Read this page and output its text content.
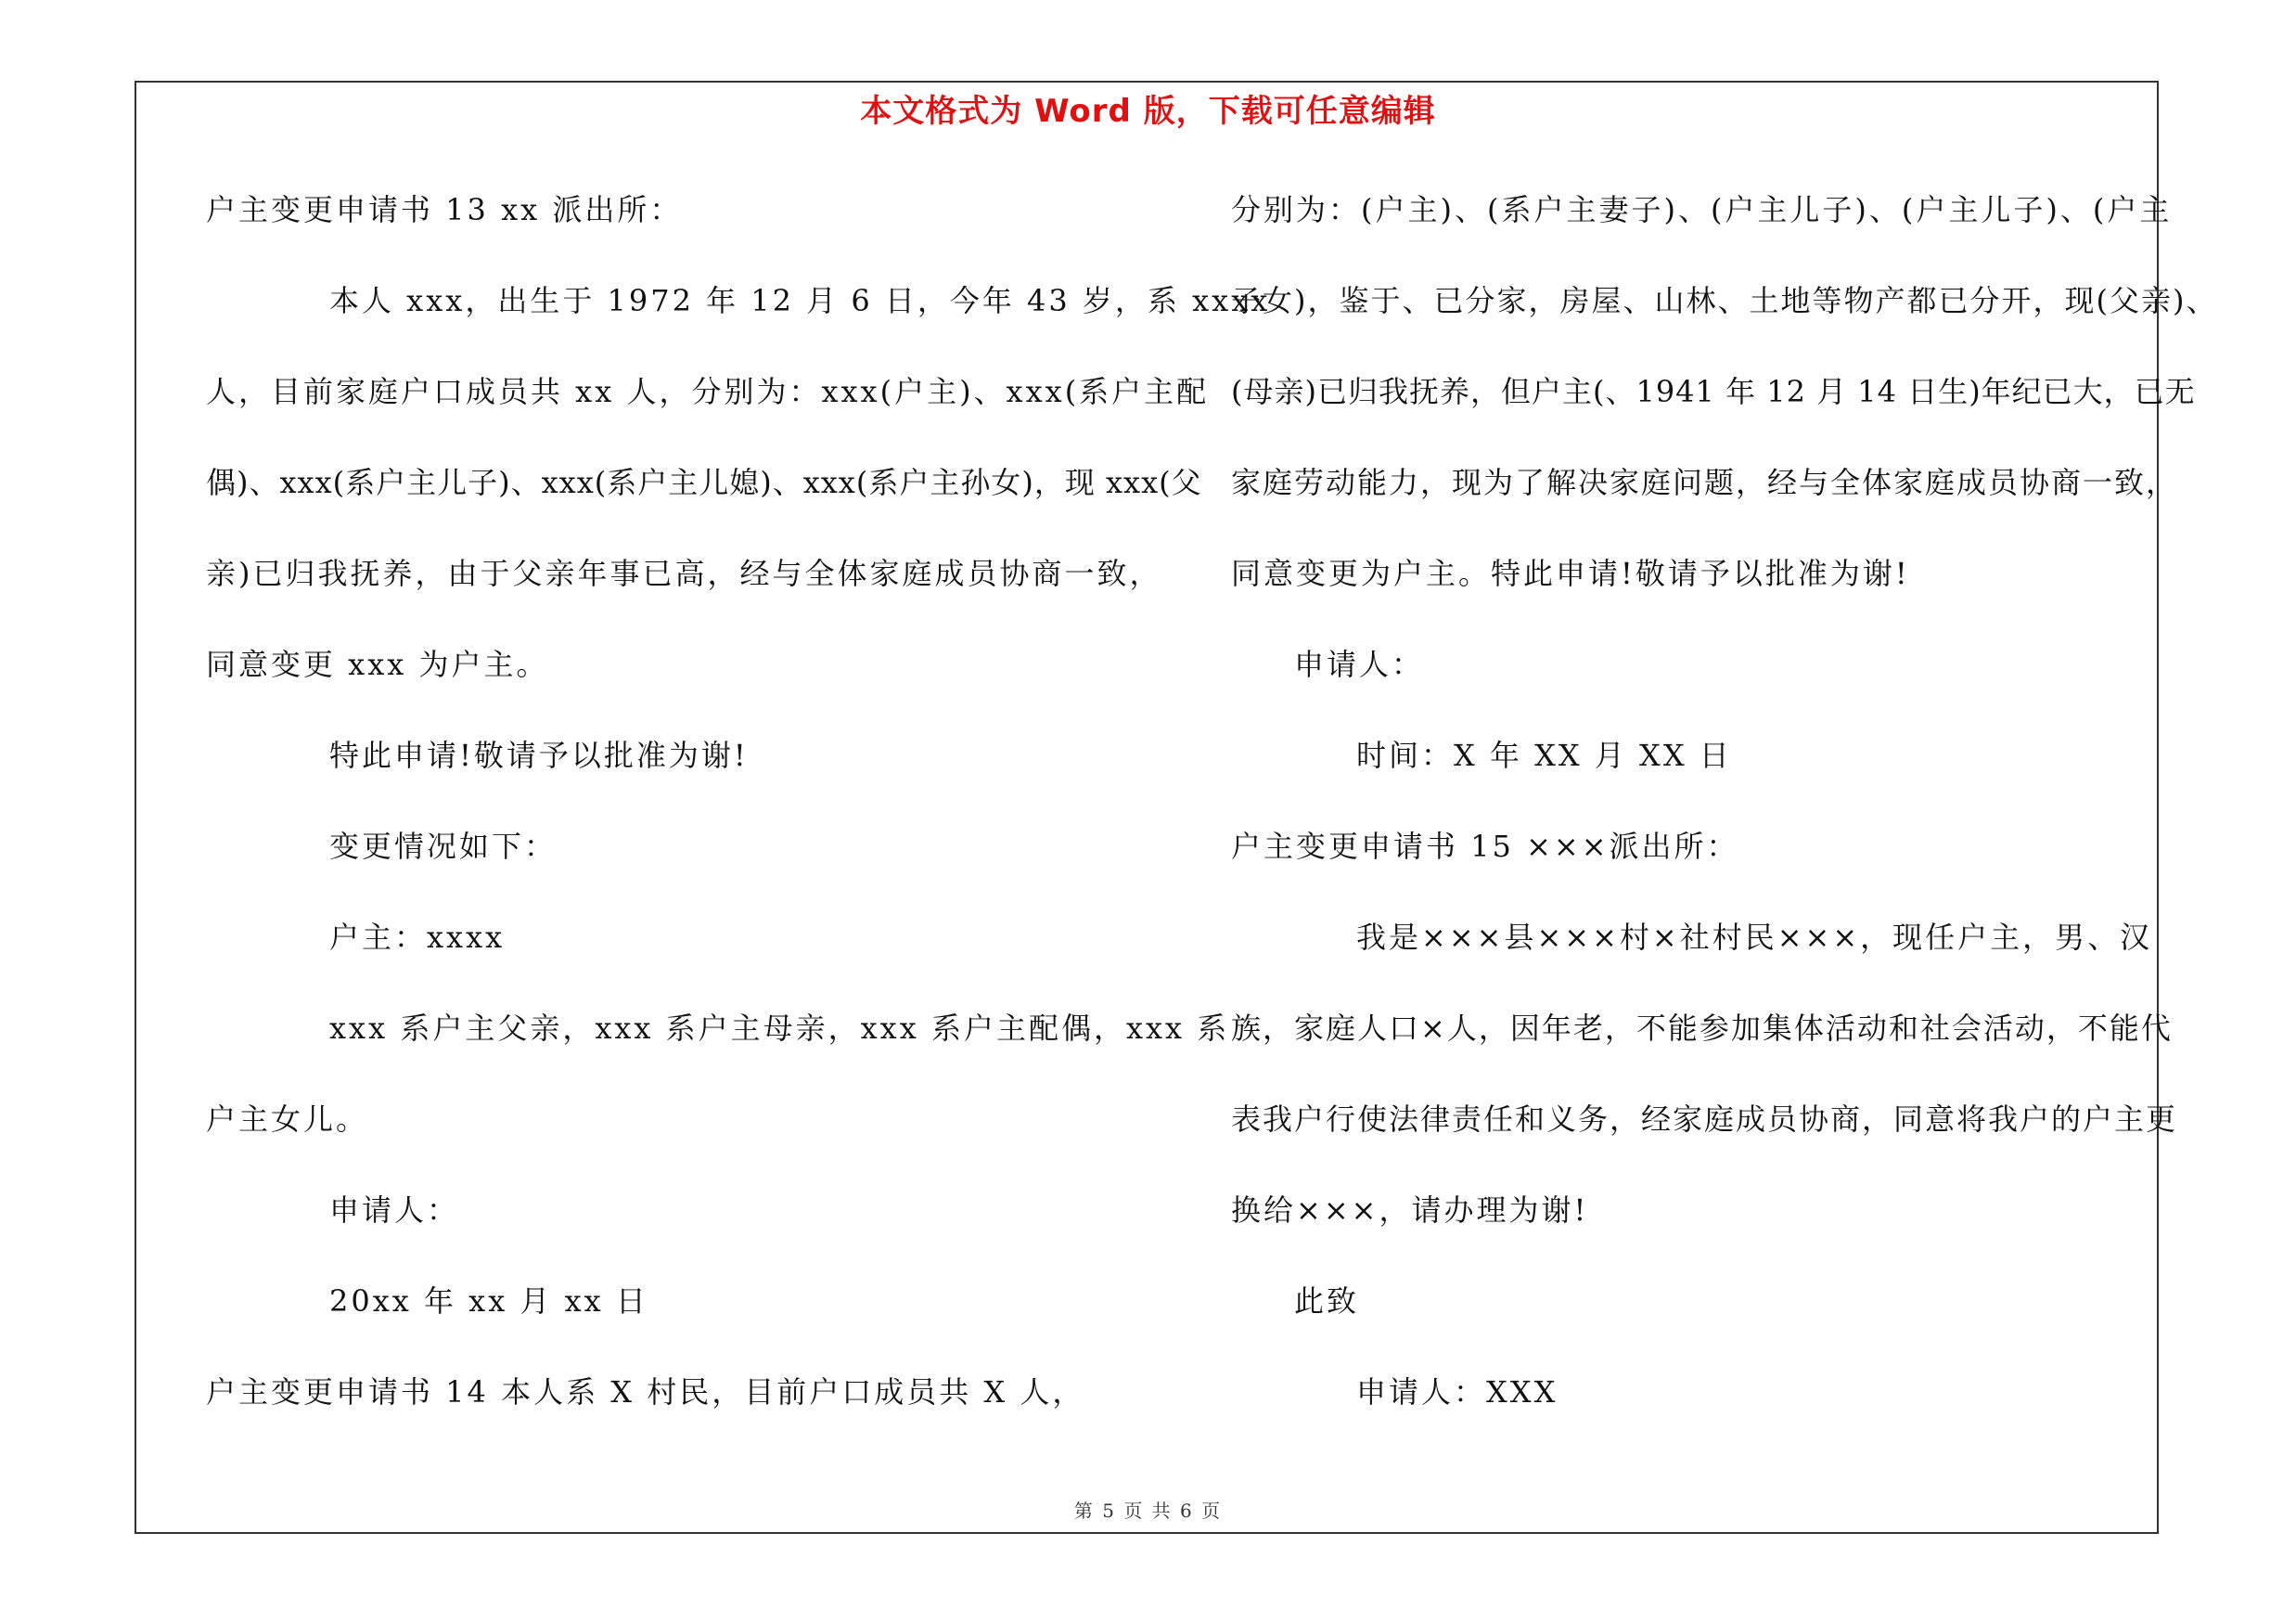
本文格式为 Word 版，下载可任意编辑
户主变更申请书 13 xx 派出所：
本人 xxx，出生于 1972 年 12 月 6 日，今年 43 岁，系 xxxx
人，目前家庭户口成员共 xx 人，分别为：xxx(户主)、xxx(系户主配
偶)、xxx(系户主儿子)、xxx(系户主儿媳)、xxx(系户主孙女)，现 xxx(父
亲)已归我抚养，由于父亲年事已高，经与全体家庭成员协商一致，
同意变更 xxx 为户主。
特此申请!敬请予以批准为谢!
变更情况如下：
户主：xxxx
xxx 系户主父亲，xxx 系户主母亲，xxx 系户主配偶，xxx 系
户主女儿。
申请人：
20xx 年 xx 月 xx 日
户主变更申请书 14 本人系 X 村民，目前户口成员共 X 人，
分别为：(户主)、(系户主妻子)、(户主儿子)、(户主儿子)、(户主
子女)，鉴于、已分家，房屋、山林、土地等物产都已分开，现(父亲)、
(母亲)已归我抚养，但户主(、1941 年 12 月 14 日生)年纪已大，已无
家庭劳动能力，现为了解决家庭问题，经与全体家庭成员协商一致，
同意变更为户主。特此申请!敬请予以批准为谢!
申请人：
时间：X 年 XX 月 XX 日
户主变更申请书 15 ×××派出所：
我是×××县×××村×社村民×××，现任户主，男、汉
族，家庭人口×人，因年老，不能参加集体活动和社会活动，不能代
表我户行使法律责任和义务，经家庭成员协商，同意将我户的户主更
换给×××，请办理为谢!
此致
申请人：XXX
第 5 页 共 6 页
